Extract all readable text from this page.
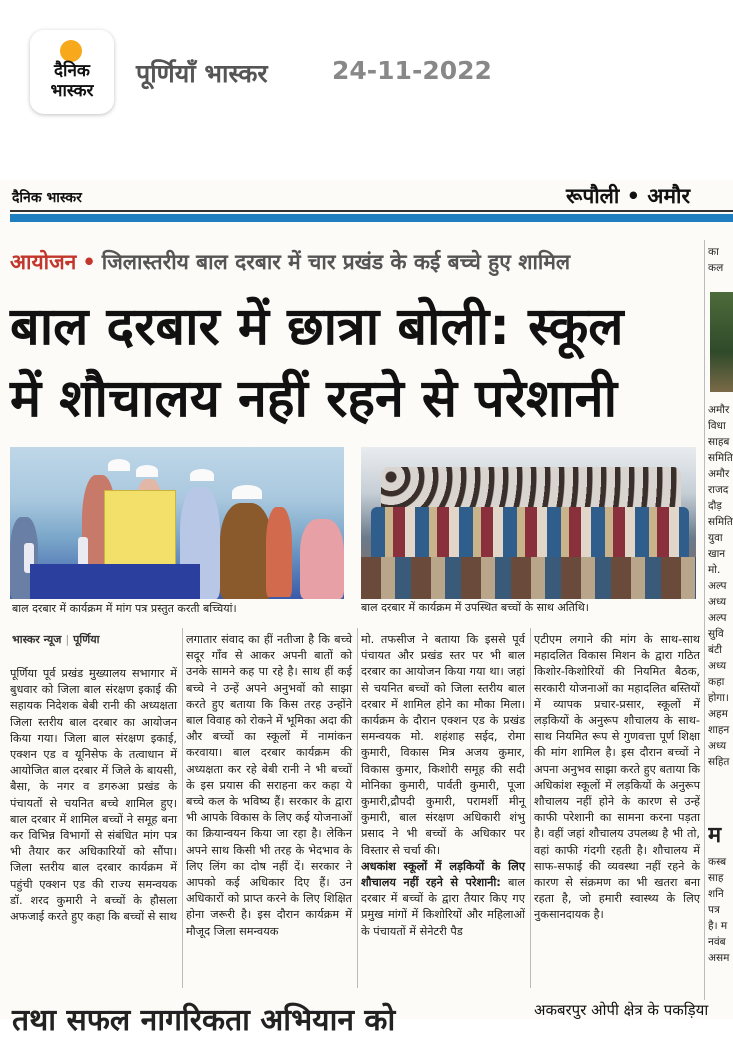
दैनिक
भास्कर
पूर्णियाँ भास्कर	24-11-2022
दैनिक भास्कर	रूपौली • अमौर
आयोजन • जिलास्तरीय बाल दरबार में चार प्रखंड के कई बच्चे हुए शामिल
बाल दरबार में छात्रा बोली: स्कूल
में शौचालय नहीं रहने से परेशानी
बाल दरबार में कार्यक्रम में मांग पत्र प्रस्तुत करती बच्चियां।	बाल दरबार में कार्यक्रम में उपस्थित बच्चों के साथ अतिथि।
भास्कर न्यूज | पूर्णिया

पूर्णिया पूर्व प्रखंड मुख्यालय सभागार में बुधवार को जिला बाल संरक्षण इकाई की सहायक निदेशक बेबी रानी की अध्यक्षता जिला स्तरीय बाल दरबार का आयोजन किया गया। जिला बाल संरक्षण इकाई, एक्शन एड व यूनिसेफ के तत्वाधान में आयोजित बाल दरबार में जिले के बायसी, बैसा, के नगर व डगरुआ प्रखंड के पंचायतों से चयनित बच्चे शामिल हुए। बाल दरबार में शामिल बच्चों ने समूह बना कर विभिन्न विभागों से संबंधित मांग पत्र भी तैयार कर अधिकारियों को सौंपा। जिला स्तरीय बाल दरबार कार्यक्रम में पहुंची एक्शन एड की राज्य समन्वयक डॉ. शरद कुमारी ने बच्चों के हौसला अफजाई करते हुए कहा कि बच्चों से साथ

लगातार संवाद का हीं नतीजा है कि बच्चे सदूर गाँव से आकर अपनी बातों को उनके सामने कह पा रहे है। साथ हीं कई बच्चे ने उन्हें अपने अनुभवों को साझा करते हुए बताया कि किस तरह उन्होंने बाल विवाह को रोकने में भूमिका अदा की और बच्चों का स्कूलों में नामांकन करवाया। बाल दरबार कार्यक्रम की अध्यक्षता कर रहे बेबी रानी ने भी बच्चों के इस प्रयास की सराहना कर कहा ये बच्चे कल के भविष्य हैं। सरकार के द्वारा भी आपके विकास के लिए कई योजनाओं का क्रियान्वयन किया जा रहा है। लेकिन अपने साथ किसी भी तरह के भेदभाव के लिए लिंग का दोष नहीं दें। सरकार ने आपको कई अधिकार दिए हैं। उन अधिकारों को प्राप्त करने के लिए शिक्षित होना जरूरी है। इस दौरान कार्यक्रम में मौजूद जिला समन्वयक

मो. तफसीज ने बताया कि इससे पूर्व पंचायत और प्रखंड स्तर पर भी बाल दरबार का आयोजन किया गया था। जहां से चयनित बच्चों को जिला स्तरीय बाल दरबार में शामिल होने का मौका मिला। कार्यक्रम के दौरान एक्शन एड के प्रखंड समन्वयक मो. शहंशाह सईद, रोमा कुमारी, विकास मित्र अजय कुमार, विकास कुमार, किशोरी समूह की सदी मोनिका कुमारी, पार्वती कुमारी, पूजा कुमारी,द्रौपदी कुमारी, परामर्शी मीनू कुमारी, बाल संरक्षण अधिकारी शंभु प्रसाद ने भी बच्चों के अधिकार पर विस्तार से चर्चा की।

अधकांश स्कूलों में लड़कियों के लिए शौचालय नहीं रहने से परेशानी: बाल दरबार में बच्चों के द्वारा तैयार किए गए प्रमुख मांगों में किशोरियों और महिलाओं के पंचायतों में सेनेटरी पैड

एटीएम लगाने की मांग के साथ-साथ महादलित विकास मिशन के द्वारा गठित किशोर-किशोरियों की नियमित बैठक, सरकारी योजनाओं का महादलित बस्तियों में व्यापक प्रचार-प्रसार, स्कूलों में लड़कियों के अनुरूप शौचालय के साथ-साथ नियमित रूप से गुणवत्ता पूर्ण शिक्षा की मांग शामिल है। इस दौरान बच्चों ने अपना अनुभव साझा करते हुए बताया कि अधिकांश स्कूलों में लड़कियों के अनुरूप शौचालय नहीं होने के कारण से उन्हें काफी परेशानी का सामना करना पड़ता है। वहीं जहां शौचालय उपलब्ध है भी तो, वहां काफी गंदगी रहती है। शौचालय में साफ-सफाई की व्यवस्था नहीं रहने के कारण से संक्रमण का भी खतरा बना रहता है, जो हमारी स्वास्थ्य के लिए नुकसानदायक है।

का
कल
अमौर
विधा
साहब
समिति
अमौर
राजद
दौड़
समिति
युवा
खान
मो.
अल्प
अध्य
अल्प
सुवि
बंटी
अध्य
कहा
होगा।
अहम
शाहन
अध्य
सहित
म
कस्ब
साह
शनि
पत्र
है। म
नवंब
असम
तथा सफल नागरिकता अभियान को	अकबरपुर ओपी क्षेत्र के पकड़िया
